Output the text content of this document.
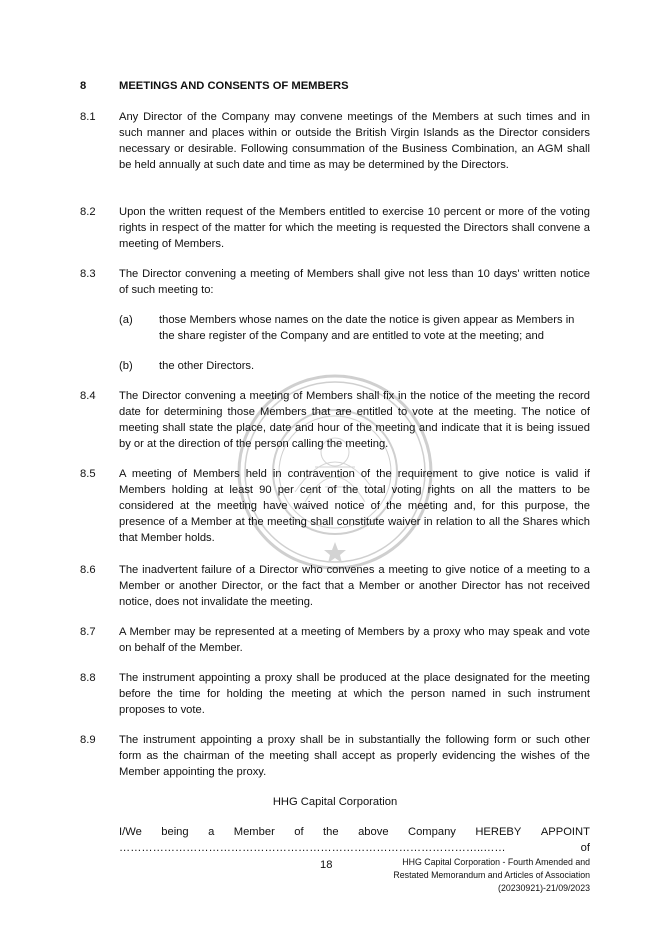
8	MEETINGS AND CONSENTS OF MEMBERS
8.1 Any Director of the Company may convene meetings of the Members at such times and in such manner and places within or outside the British Virgin Islands as the Director considers necessary or desirable. Following consummation of the Business Combination, an AGM shall be held annually at such date and time as may be determined by the Directors.
8.2 Upon the written request of the Members entitled to exercise 10 percent or more of the voting rights in respect of the matter for which the meeting is requested the Directors shall convene a meeting of Members.
8.3 The Director convening a meeting of Members shall give not less than 10 days' written notice of such meeting to:
(a) those Members whose names on the date the notice is given appear as Members in the share register of the Company and are entitled to vote at the meeting; and
(b) the other Directors.
8.4 The Director convening a meeting of Members shall fix in the notice of the meeting the record date for determining those Members that are entitled to vote at the meeting. The notice of meeting shall state the place, date and hour of the meeting and indicate that it is being issued by or at the direction of the person calling the meeting.
8.5 A meeting of Members held in contravention of the requirement to give notice is valid if Members holding at least 90 per cent of the total voting rights on all the matters to be considered at the meeting have waived notice of the meeting and, for this purpose, the presence of a Member at the meeting shall constitute waiver in relation to all the Shares which that Member holds.
8.6 The inadvertent failure of a Director who convenes a meeting to give notice of a meeting to a Member or another Director, or the fact that a Member or another Director has not received notice, does not invalidate the meeting.
8.7 A Member may be represented at a meeting of Members by a proxy who may speak and vote on behalf of the Member.
8.8 The instrument appointing a proxy shall be produced at the place designated for the meeting before the time for holding the meeting at which the person named in such instrument proposes to vote.
8.9 The instrument appointing a proxy shall be in substantially the following form or such other form as the chairman of the meeting shall accept as properly evidencing the wishes of the Member appointing the proxy.
HHG Capital Corporation
I/We being a Member of the above Company HEREBY APPOINT
……………………………………………………………………………………..……	of
18	HHG Capital Corporation - Fourth Amended and
Restated Memorandum and Articles of Association
(20230921)-21/09/2023
